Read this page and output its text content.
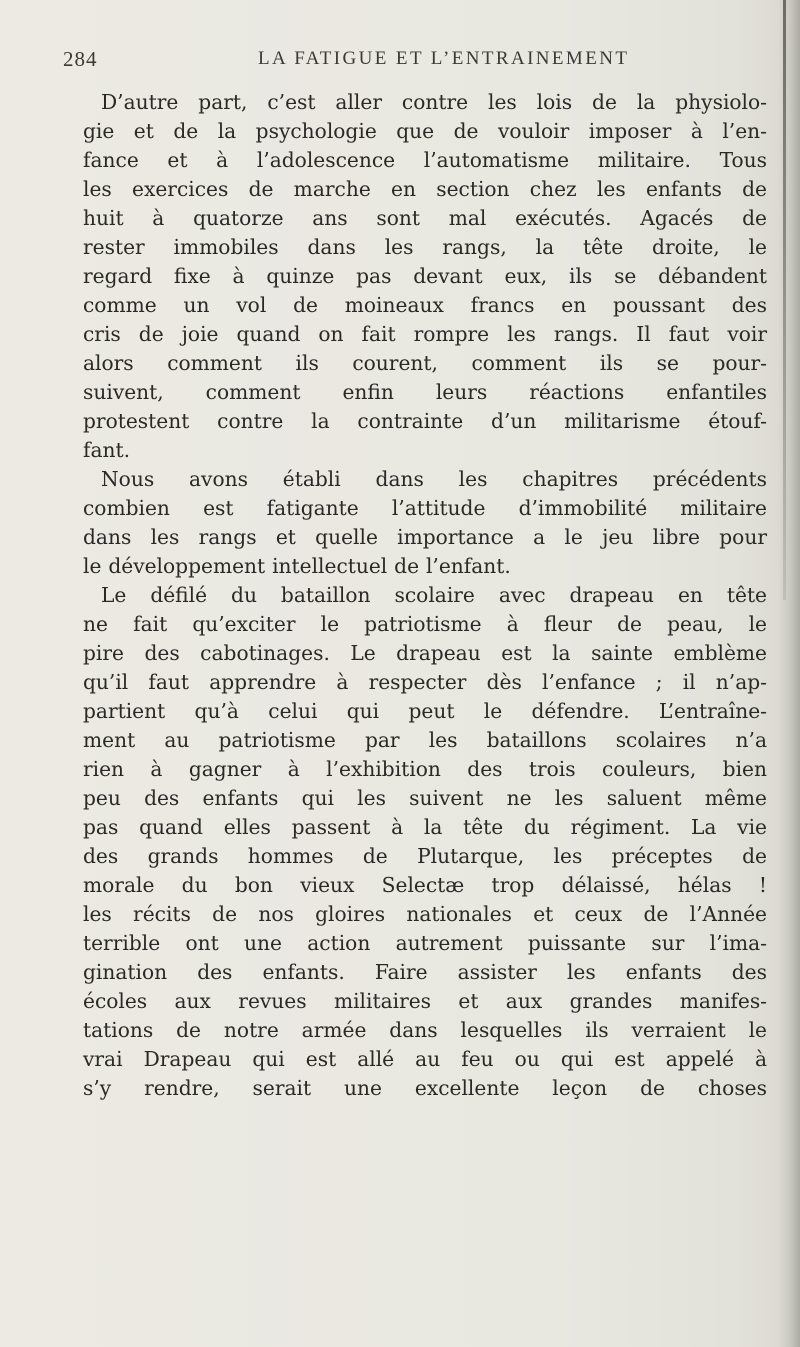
284	LA FATIGUE ET L’ENTRAINEMENT
D’autre part, c’est aller contre les lois de la physiolo-
gie et de la psychologie que de vouloir imposer à l’en-
fance et à l’adolescence l’automatisme militaire. Tous
les exercices de marche en section chez les enfants de
huit à quatorze ans sont mal exécutés. Agacés de
rester immobiles dans les rangs, la tête droite, le
regard fixe à quinze pas devant eux, ils se débandent
comme un vol de moineaux francs en poussant des
cris de joie quand on fait rompre les rangs. Il faut voir
alors comment ils courent, comment ils se pour-
suivent, comment enfin leurs réactions enfantiles
protestent contre la contrainte d’un militarisme étouf-
fant.
Nous avons établi dans les chapitres précédents
combien est fatigante l’attitude d’immobilité militaire
dans les rangs et quelle importance a le jeu libre pour
le développement intellectuel de l’enfant.
Le défilé du bataillon scolaire avec drapeau en tête
ne fait qu’exciter le patriotisme à fleur de peau, le
pire des cabotinages. Le drapeau est la sainte emblème
qu’il faut apprendre à respecter dès l’enfance ; il n’ap-
partient qu’à celui qui peut le défendre. L’entraîne-
ment au patriotisme par les bataillons scolaires n’a
rien à gagner à l’exhibition des trois couleurs, bien
peu des enfants qui les suivent ne les saluent même
pas quand elles passent à la tête du régiment. La vie
des grands hommes de Plutarque, les préceptes de
morale du bon vieux Selectæ trop délaissé, hélas !
les récits de nos gloires nationales et ceux de l’Année
terrible ont une action autrement puissante sur l’ima-
gination des enfants. Faire assister les enfants des
écoles aux revues militaires et aux grandes manifes-
tations de notre armée dans lesquelles ils verraient le
vrai Drapeau qui est allé au feu ou qui est appelé à
s’y rendre, serait une excellente leçon de choses
